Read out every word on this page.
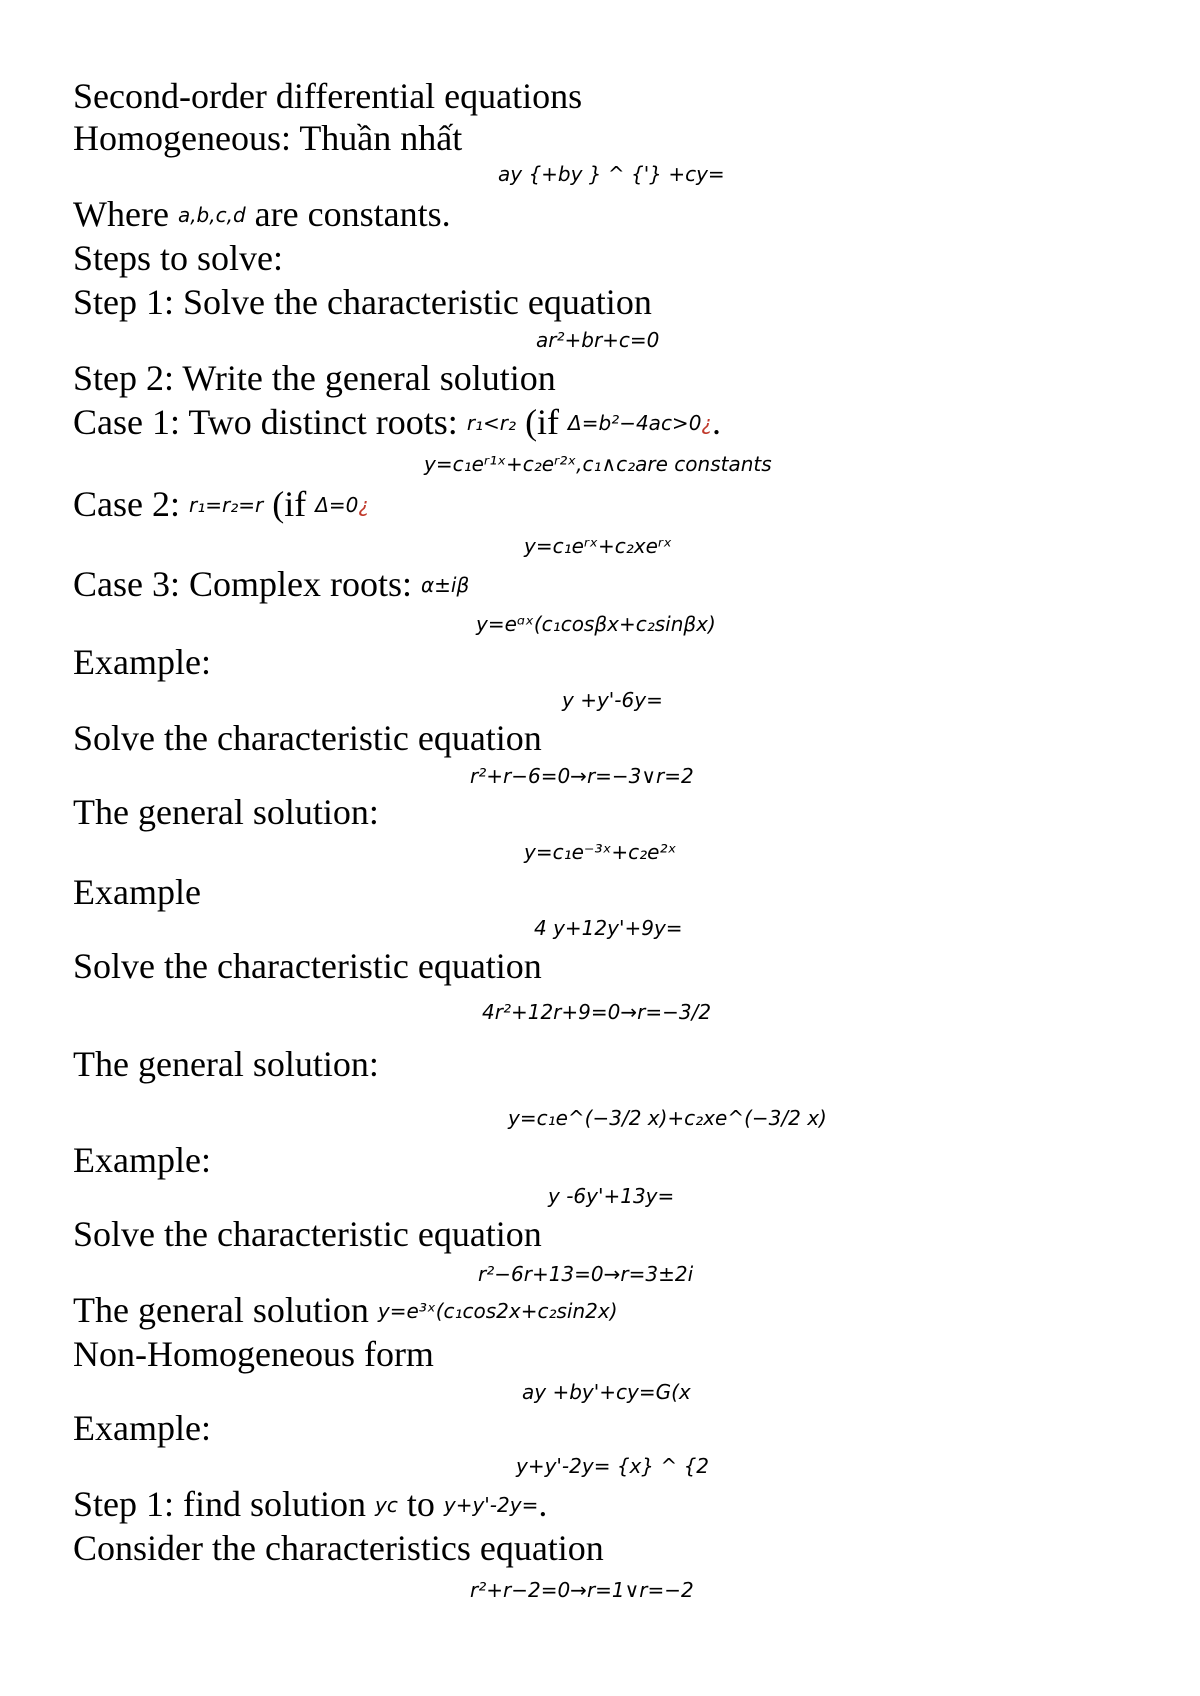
Second-order differential equations
Homogeneous: Thuần nhất
ay {+by } ^ {'} +cy=
Where a,b,c,d are constants.
Steps to solve:
Step 1: Solve the characteristic equation
ar²+br+c=0
Step 2: Write the general solution
Case 1: Two distinct roots: r₁<r₂ (if Δ=b²−4ac>0¿.
y=c₁eʳ¹ˣ+c₂eʳ²ˣ,c₁∧c₂are constants
Case 2: r₁=r₂=r (if Δ=0¿
y=c₁eʳˣ+c₂xeʳˣ
Case 3: Complex roots: α±iβ
y=eᵅˣ(c₁cosβx+c₂sinβx)
Example:
y +y'-6y=
Solve the characteristic equation
r²+r−6=0→r=−3∨r=2
The general solution:
y=c₁e⁻³ˣ+c₂e²ˣ
Example
4 y+12y'+9y=
Solve the characteristic equation
4r²+12r+9=0→r=−3/2
The general solution:
y=c₁e^(−3/2 x)+c₂xe^(−3/2 x)
Example:
y -6y'+13y=
Solve the characteristic equation
r²−6r+13=0→r=3±2i
The general solution y=e³ˣ(c₁cos2x+c₂sin2x)
Non-Homogeneous form
ay +by'+cy=G(x
Example:
y+y'-2y= {x} ^ {2
Step 1: find solution yc to y+y'-2y=.
Consider the characteristics equation
r²+r−2=0→r=1∨r=−2
